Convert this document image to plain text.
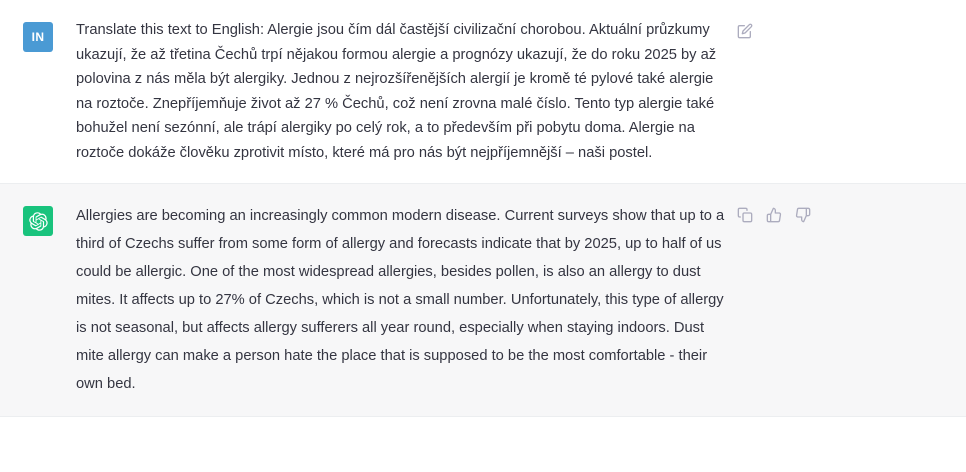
IN Translate this text to English: Alergie jsou čím dál častější civilizační chorobou. Aktuální průzkumy ukazují, že až třetina Čechů trpí nějakou formou alergie a prognózy ukazují, že do roku 2025 by až polovina z nás měla být alergiky. Jednou z nejrozšířenějších alergií je kromě té pylové také alergie na roztoče. Znepříjemňuje život až 27 % Čechů, což není zrovna malé číslo. Tento typ alergie také bohužel není sezónní, ale trápí alergiky po celý rok, a to především při pobytu doma. Alergie na roztoče dokáže člověku zprotivit místo, které má pro nás být nejpříjemnější – naši postel.

Allergies are becoming an increasingly common modern disease. Current surveys show that up to a third of Czechs suffer from some form of allergy and forecasts indicate that by 2025, up to half of us could be allergic. One of the most widespread allergies, besides pollen, is also an allergy to dust mites. It affects up to 27% of Czechs, which is not a small number. Unfortunately, this type of allergy is not seasonal, but affects allergy sufferers all year round, especially when staying indoors. Dust mite allergy can make a person hate the place that is supposed to be the most comfortable - their own bed.
